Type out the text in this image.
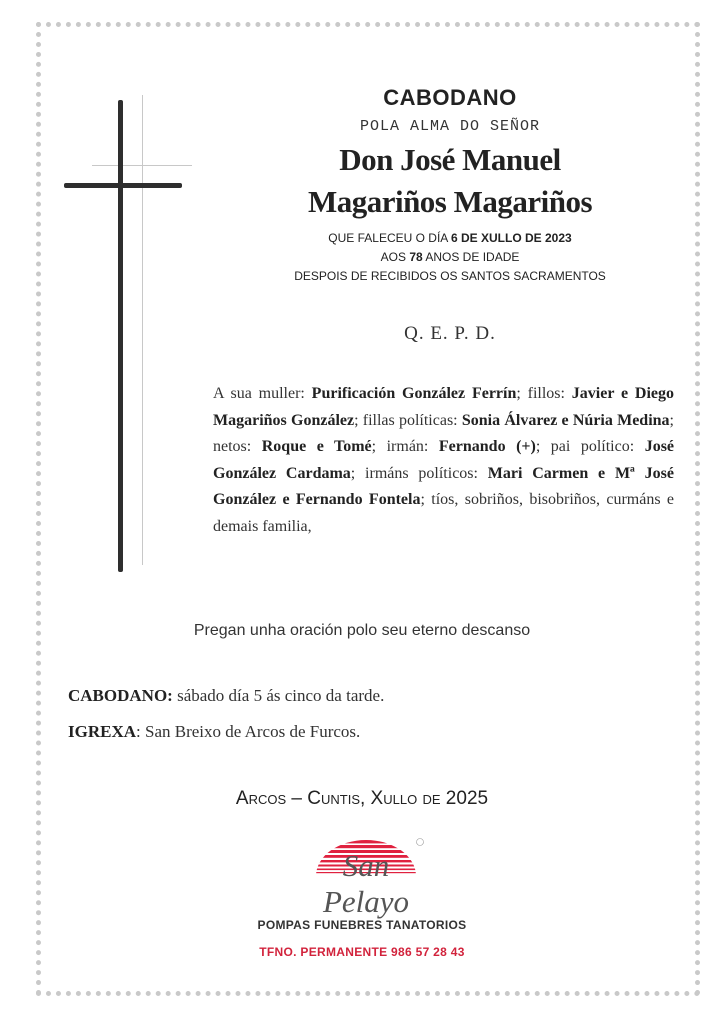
CABODANO
POLA ALMA DO SEÑOR
Don José Manuel
Magariños Magariños
QUE FALECEU O DÍA 6 DE XULLO DE 2023
AOS 78 ANOS DE IDADE
DESPOIS DE RECIBIDOS OS SANTOS SACRAMENTOS
Q. E. P. D.
A sua muller: Purificación González Ferrín; fillos: Javier e Diego Magariños González; fillas políticas: Sonia Álvarez e Núria Medina; netos: Roque e Tomé; irmán: Fernando (+); pai político: José González Cardama; irmáns políticos: Mari Carmen e Mª José González e Fernando Fontela; tíos, sobriños, bisobriños, curmáns e demais familia,
Pregan unha oración polo seu eterno descanso
CABODANO: sábado día 5 ás cinco da tarde.
IGREXA: San Breixo de Arcos de Furcos.
Arcos – Cuntis, Xullo de 2025
San Pelayo
POMPAS FUNEBRES TANATORIOS
TFNO. PERMANENTE 986 57 28 43
